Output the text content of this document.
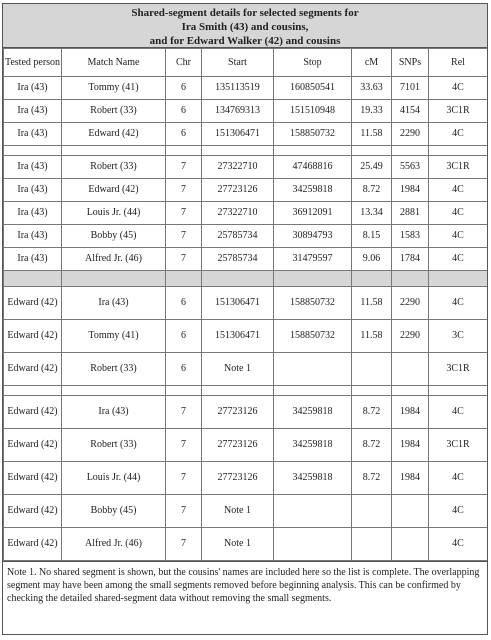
Shared-segment details for selected segments for
Ira Smith (43) and cousins,
and for Edward Walker (42) and cousins
Tested person	Match Name	Chr	Start	Stop	cM	SNPs	Rel
Ira (43)	Tommy (41)	6	135113519	160850541	33.63	7101	4C
Ira (43)	Robert (33)	6	134769313	151510948	19.33	4154	3C1R
Ira (43)	Edward (42)	6	151306471	158850732	11.58	2290	4C

Ira (43)	Robert (33)	7	27322710	47468816	25.49	5563	3C1R
Ira (43)	Edward (42)	7	27723126	34259818	8.72	1984	4C
Ira (43)	Louis Jr. (44)	7	27322710	36912091	13.34	2881	4C
Ira (43)	Bobby (45)	7	25785734	30894793	8.15	1583	4C
Ira (43)	Alfred Jr. (46)	7	25785734	31479597	9.06	1784	4C

Edward (42)	Ira (43)	6	151306471	158850732	11.58	2290	4C
Edward (42)	Tommy (41)	6	151306471	158850732	11.58	2290	3C
Edward (42)	Robert (33)	6	Note 1				3C1R

Edward (42)	Ira (43)	7	27723126	34259818	8.72	1984	4C
Edward (42)	Robert (33)	7	27723126	34259818	8.72	1984	3C1R
Edward (42)	Louis Jr. (44)	7	27723126	34259818	8.72	1984	4C
Edward (42)	Bobby (45)	7	Note 1				4C
Edward (42)	Alfred Jr. (46)	7	Note 1				4C
Note 1. No shared segment is shown, but the cousins' names are included here so the list is complete. The overlapping segment may have been among the small segments removed before beginning analysis. This can be confirmed by checking the detailed shared-segment data without removing the small segments.
